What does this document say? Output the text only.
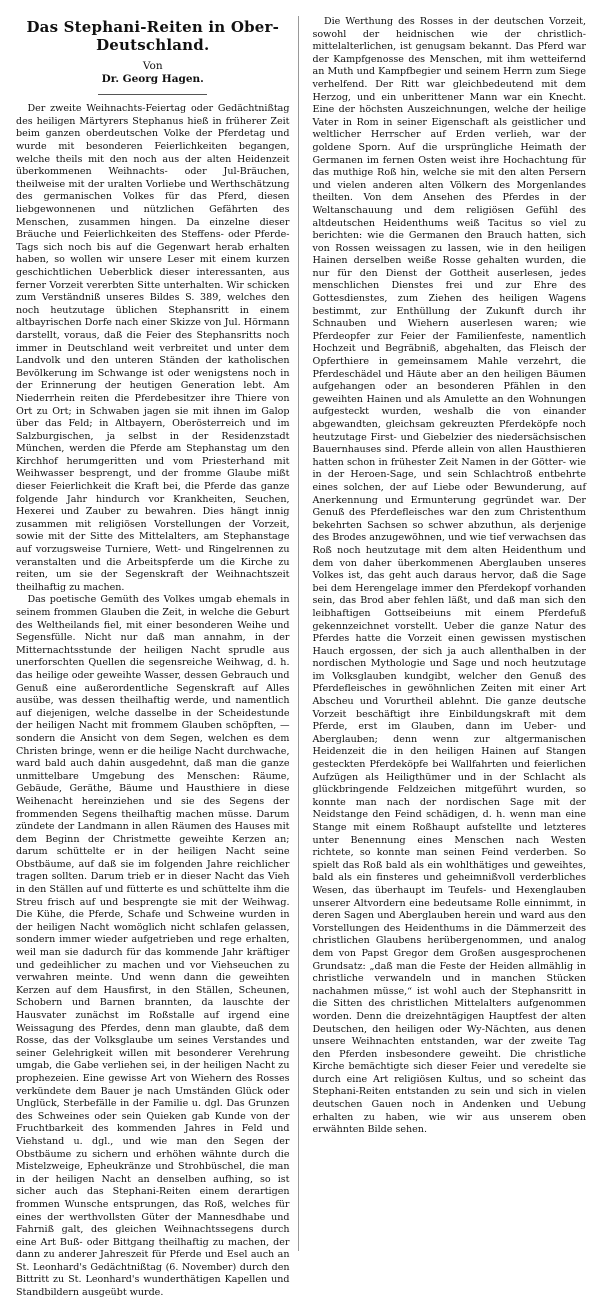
Das Stephani-Reiten in Ober-Deutschland.

Von

Dr. Georg Hagen.

Der zweite Weihnachts-Feiertag oder Gedächtnißtag des heiligen Märtyrers Stephanus hieß in früherer Zeit beim ganzen oberdeutschen Volke der Pferdetag und wurde mit besonderen Feierlichkeiten begangen, welche theils mit den noch aus der alten Heidenzeit überkommenen Weihnachts- oder Jul-Bräuchen, theilweise mit der uralten Vorliebe und Werthschätzung des germanischen Volkes für das Pferd, diesen liebgewonnenen und nützlichen Gefährten des Menschen, zusammen hingen. Da einzelne dieser Bräuche und Feierlichkeiten des Steffens- oder Pferde-Tags sich noch bis auf die Gegenwart herab erhalten haben, so wollen wir unsere Leser mit einem kurzen geschichtlichen Ueberblick dieser interessanten, aus ferner Vorzeit vererbten Sitte unterhalten. Wir schicken zum Verständniß unseres Bildes S. 389, welches den noch heutzutage üblichen Stephansritt in einem altbayrischen Dorfe nach einer Skizze von Jul. Hörmann darstellt, voraus, daß die Feier des Stephansritts noch immer in Deutschland weit verbreitet und unter dem Landvolk und den unteren Ständen der katholischen Bevölkerung im Schwange ist oder wenigstens noch in der Erinnerung der heutigen Generation lebt. Am Niederrhein reiten die Pferdebesitzer ihre Thiere von Ort zu Ort; in Schwaben jagen sie mit ihnen im Galop über das Feld; in Altbayern, Oberösterreich und im Salzburgischen, ja selbst in der Residenzstadt München, werden die Pferde am Stephanstag um den Kirchhof herumgeritten und vom Priesterhand mit Weihwasser besprengt, und der fromme Glaube mißt dieser Feierlichkeit die Kraft bei, die Pferde das ganze folgende Jahr hindurch vor Krankheiten, Seuchen, Hexerei und Zauber zu bewahren. Dies hängt innig zusammen mit religiösen Vorstellungen der Vorzeit, sowie mit der Sitte des Mittelalters, am Stephanstage auf vorzugsweise Turniere, Wett- und Ringelrennen zu veranstalten und die Arbeitspferde um die Kirche zu reiten, um sie der Segenskraft der Weihnachtszeit theilhaftig zu machen.

Das poetische Gemüth des Volkes umgab ehemals in seinem frommen Glauben die Zeit, in welche die Geburt des Weltheilands fiel, mit einer besonderen Weihe und Segensfülle. Nicht nur daß man annahm, in der Mitternachtsstunde der heiligen Nacht sprudle aus unerforschten Quellen die segensreiche Weihwag, d. h. das heilige oder geweihte Wasser, dessen Gebrauch und Genuß eine außerordentliche Segenskraft auf Alles ausübe, was dessen theilhaftig werde, und namentlich auf diejenigen, welche dasselbe in der Scheidestunde der heiligen Nacht mit frommem Glauben schöpften, — sondern die Ansicht von dem Segen, welchen es dem Christen bringe, wenn er die heilige Nacht durchwache, ward bald auch dahin ausgedehnt, daß man die ganze unmittelbare Umgebung des Menschen: Räume, Gebäude, Geräthe, Bäume und Hausthiere in diese Weihenacht hereinziehen und sie des Segens der frommenden Segens theilhaftig machen müsse. Darum zündete der Landmann in allen Räumen des Hauses mit dem Beginn der Christmette geweihte Kerzen an; darum schüttelte er in der heiligen Nacht seine Obstbäume, auf daß sie im folgenden Jahre reichlicher tragen sollten. Darum trieb er in dieser Nacht das Vieh in den Ställen auf und fütterte es und schüttelte ihm die Streu frisch auf und besprengte sie mit der Weihwag. Die Kühe, die Pferde, Schafe und Schweine wurden in der heiligen Nacht womöglich nicht schlafen gelassen, sondern immer wieder aufgetrieben und rege erhalten, weil man sie dadurch für das kommende Jahr kräftiger und gedeihlicher zu machen und vor Viehseuchen zu verwahren meinte. Und wenn dann die geweihten Kerzen auf dem Hausfirst, in den Ställen, Scheunen, Schobern und Barnen brannten, da lauschte der Hausvater zunächst im Roßstalle auf irgend eine Weissagung des Pferdes, denn man glaubte, daß dem Rosse, das der Volksglaube um seines Verstandes und seiner Gelehrigkeit willen mit besonderer Verehrung umgab, die Gabe verliehen sei, in der heiligen Nacht zu prophezeien. Eine gewisse Art von Wiehern des Rosses verkündete dem Bauer je nach Umständen Glück oder Unglück, Sterbefälle in der Familie u. dgl. Das Grunzen des Schweines oder sein Quieken gab Kunde von der Fruchtbarkeit des kommenden Jahres in Feld und Viehstand u. dgl., und wie man den Segen der Obstbäume zu sichern und erhöhen wähnte durch die Mistelzweige, Epheukränze und Strohbüschel, die man in der heiligen Nacht an denselben aufhing, so ist sicher auch das Stephani-Reiten einem derartigen frommen Wunsche entsprungen, das Roß, welches für eines der werthvollsten Güter der Mannesdhabe und Fahrniß galt, des gleichen Weihnachtssegens durch eine Art Buß- oder Bittgang theilhaftig zu machen, der dann zu anderer Jahreszeit für Pferde und Esel auch an St. Leonhard's Gedächtnißtag (6. November) durch den Bittritt zu St. Leonhard's wunderthätigen Kapellen und Standbildern ausgeübt wurde.

Die Werthung des Rosses in der deutschen Vorzeit, sowohl der heidnischen wie der christlich-mittelalterlichen, ist genugsam bekannt. Das Pferd war der Kampfgenosse des Menschen, mit ihm wetteifernd an Muth und Kampfbegier und seinem Herrn zum Siege verhelfend. Der Ritt war gleichbedeutend mit dem Herzog, und ein unberittener Mann war ein Knecht. Eine der höchsten Auszeichnungen, welche der heilige Vater in Rom in seiner Eigenschaft als geistlicher und weltlicher Herrscher auf Erden verlieh, war der goldene Sporn. Auf die ursprüngliche Heimath der Germanen im fernen Osten weist ihre Hochachtung für das muthige Roß hin, welche sie mit den alten Persern und vielen anderen alten Völkern des Morgenlandes theilten. Von dem Ansehen des Pferdes in der Weltanschauung und dem religiösen Gefühl des altdeutschen Heidenthums weiß Tacitus so viel zu berichten: wie die Germanen den Brauch hatten, sich von Rossen weissagen zu lassen, wie in den heiligen Hainen derselben weiße Rosse gehalten wurden, die nur für den Dienst der Gottheit auserlesen, jedes menschlichen Dienstes frei und zur Ehre des Gottesdienstes, zum Ziehen des heiligen Wagens bestimmt, zur Enthüllung der Zukunft durch ihr Schnauben und Wiehern auserlesen waren; wie Pferdeopfer zur Feier der Familienfeste, namentlich Hochzeit und Begräbniß, abgehalten, das Fleisch der Opferthiere in gemeinsamem Mahle verzehrt, die Pferdeschädel und Häute aber an den heiligen Bäumen aufgehangen oder an besonderen Pfählen in den geweihten Hainen und als Amulette an den Wohnungen aufgesteckt wurden, weshalb die von einander abgewandten, gleichsam gekreuzten Pferdeköpfe noch heutzutage First- und Giebelzier des niedersächsischen Bauernhauses sind. Pferde allein von allen Hausthieren hatten schon in frühester Zeit Namen in der Götter- wie in der Heroen-Sage, und sein Schlachtroß entbehrte eines solchen, der auf Liebe oder Bewunderung, auf Anerkennung und Ermunterung gegründet war. Der Genuß des Pferdefleisches war den zum Christenthum bekehrten Sachsen so schwer abzuthun, als derjenige des Brodes anzugewöhnen, und wie tief verwachsen das Roß noch heutzutage mit dem alten Heidenthum und dem von daher überkommenen Aberglauben unseres Volkes ist, das geht auch daraus hervor, daß die Sage bei dem Herengelage immer den Pferdekopf vorhanden sein, das Brod aber fehlen läßt, und daß man sich den leibhaftigen Gottseibeiuns mit einem Pferdefuß gekennzeichnet vorstellt. Ueber die ganze Natur des Pferdes hatte die Vorzeit einen gewissen mystischen Hauch ergossen, der sich ja auch allenthalben in der nordischen Mythologie und Sage und noch heutzutage im Volksglauben kundgibt, welcher den Genuß des Pferdefleisches in gewöhnlichen Zeiten mit einer Art Abscheu und Vorurtheil ablehnt. Die ganze deutsche Vorzeit beschäftigt ihre Einbildungskraft mit dem Pferde, erst im Glauben, dann im Ueber- und Aberglauben; denn wenn zur altgermanischen Heidenzeit die in den heiligen Hainen auf Stangen gesteckten Pferdeköpfe bei Wallfahrten und feierlichen Aufzügen als Heiligthümer und in der Schlacht als glückbringende Feldzeichen mitgeführt wurden, so konnte man nach der nordischen Sage mit der Neidstange den Feind schädigen, d. h. wenn man eine Stange mit einem Roßhaupt aufstellte und letzteres unter Benennung eines Menschen nach Westen richtete, so konnte man seinen Feind verderben. So spielt das Roß bald als ein wohlthätiges und geweihtes, bald als ein finsteres und geheimnißvoll verderbliches Wesen, das überhaupt im Teufels- und Hexenglauben unserer Altvordern eine bedeutsame Rolle einnimmt, in deren Sagen und Aberglauben herein und ward aus den Vorstellungen des Heidenthums in die Dämmerzeit des christlichen Glaubens herübergenommen, und analog dem von Papst Gregor dem Großen ausgesprochenen Grundsatz: „daß man die Feste der Heiden allmählig in christliche verwandeln und in manchen Stücken nachahmen müsse,“ ist wohl auch der Stephansritt in die Sitten des christlichen Mittelalters aufgenommen worden. Denn die dreizehntägigen Hauptfest der alten Deutschen, den heiligen oder Wy-Nächten, aus denen unsere Weihnachten entstanden, war der zweite Tag den Pferden insbesondere geweiht. Die christliche Kirche bemächtigte sich dieser Feier und veredelte sie durch eine Art religiösen Kultus, und so scheint das Stephani-Reiten entstanden zu sein und sich in vielen deutschen Gauen noch in Andenken und Uebung erhalten zu haben, wie wir aus unserem oben erwähnten Bilde sehen.
